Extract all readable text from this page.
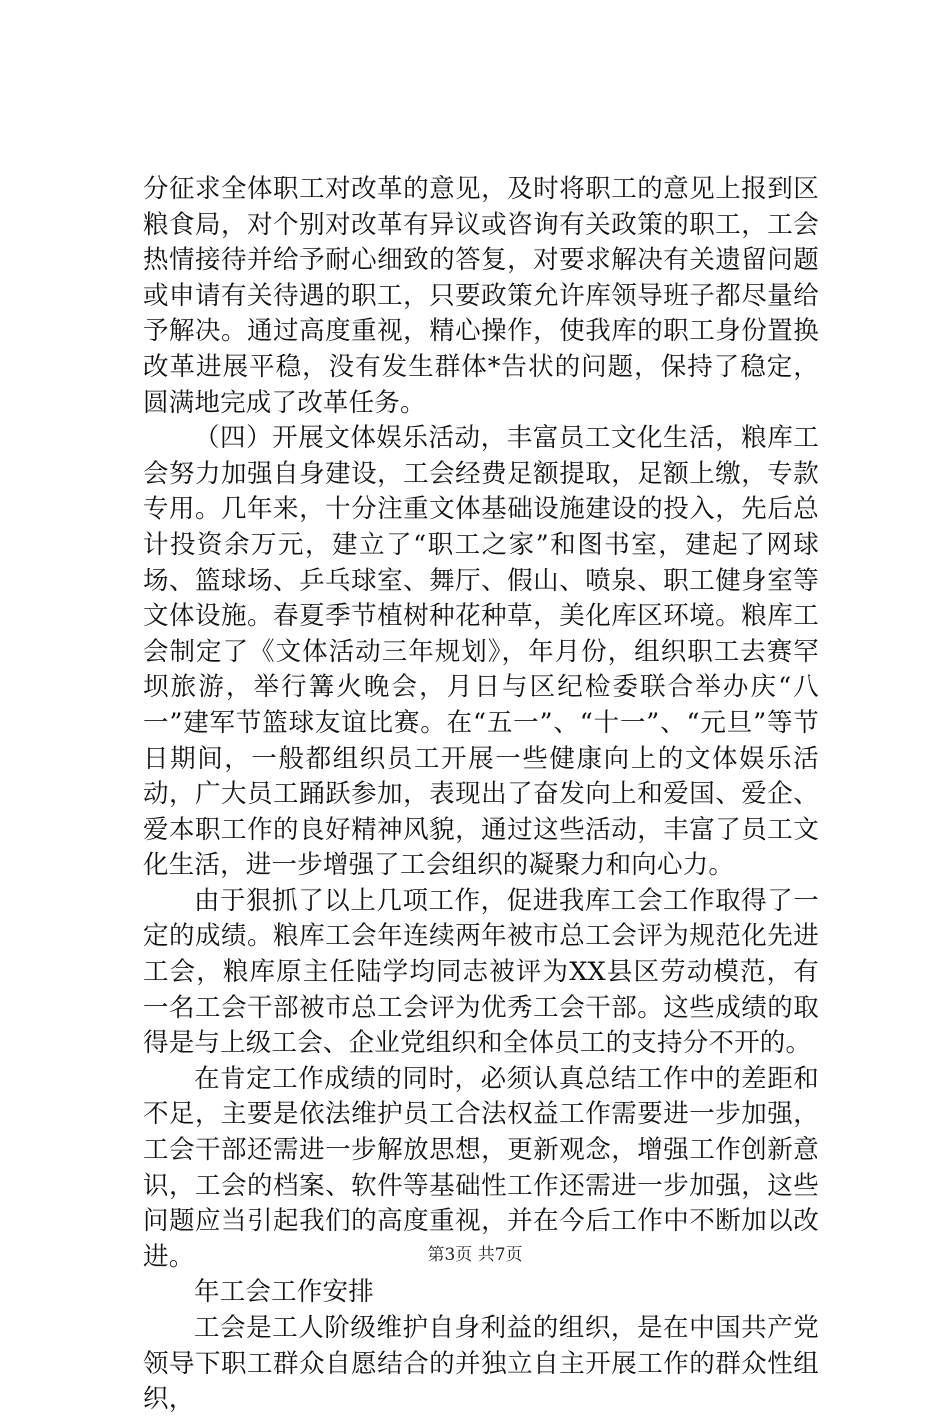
分征求全体职工对改革的意见，及时将职工的意见上报到区粮食局，对个别对改革有异议或咨询有关政策的职工，工会热情接待并给予耐心细致的答复，对要求解决有关遗留问题或申请有关待遇的职工，只要政策允许库领导班子都尽量给予解决。通过高度重视，精心操作，使我库的职工身份置换改革进展平稳，没有发生群体*告状的问题，保持了稳定，圆满地完成了改革任务。

（四）开展文体娱乐活动，丰富员工文化生活，粮库工会努力加强自身建设，工会经费足额提取，足额上缴，专款专用。几年来，十分注重文体基础设施建设的投入，先后总计投资余万元，建立了“职工之家”和图书室，建起了网球场、篮球场、乒乓球室、舞厅、假山、喷泉、职工健身室等文体设施。春夏季节植树种花种草，美化库区环境。粮库工会制定了《文体活动三年规划》，年月份，组织职工去赛罕坝旅游，举行篝火晚会，月日与区纪检委联合举办庆“八一”建军节篮球友谊比赛。在“五一”、“十一”、“元旦”等节日期间，一般都组织员工开展一些健康向上的文体娱乐活动，广大员工踊跃参加，表现出了奋发向上和爱国、爱企、爱本职工作的良好精神风貌，通过这些活动，丰富了员工文化生活，进一步增强了工会组织的凝聚力和向心力。

由于狠抓了以上几项工作，促进我库工会工作取得了一定的成绩。粮库工会年连续两年被市总工会评为规范化先进工会，粮库原主任陆学均同志被评为XX县区劳动模范，有一名工会干部被市总工会评为优秀工会干部。这些成绩的取得是与上级工会、企业党组织和全体员工的支持分不开的。

在肯定工作成绩的同时，必须认真总结工作中的差距和不足，主要是依法维护员工合法权益工作需要进一步加强，工会干部还需进一步解放思想，更新观念，增强工作创新意识，工会的档案、软件等基础性工作还需进一步加强，这些问题应当引起我们的高度重视，并在今后工作中不断加以改进。

年工会工作安排

工会是工人阶级维护自身利益的组织，是在中国共产党领导下职工群众自愿结合的并独立自主开展工作的群众性组织，

第3页 共7页
